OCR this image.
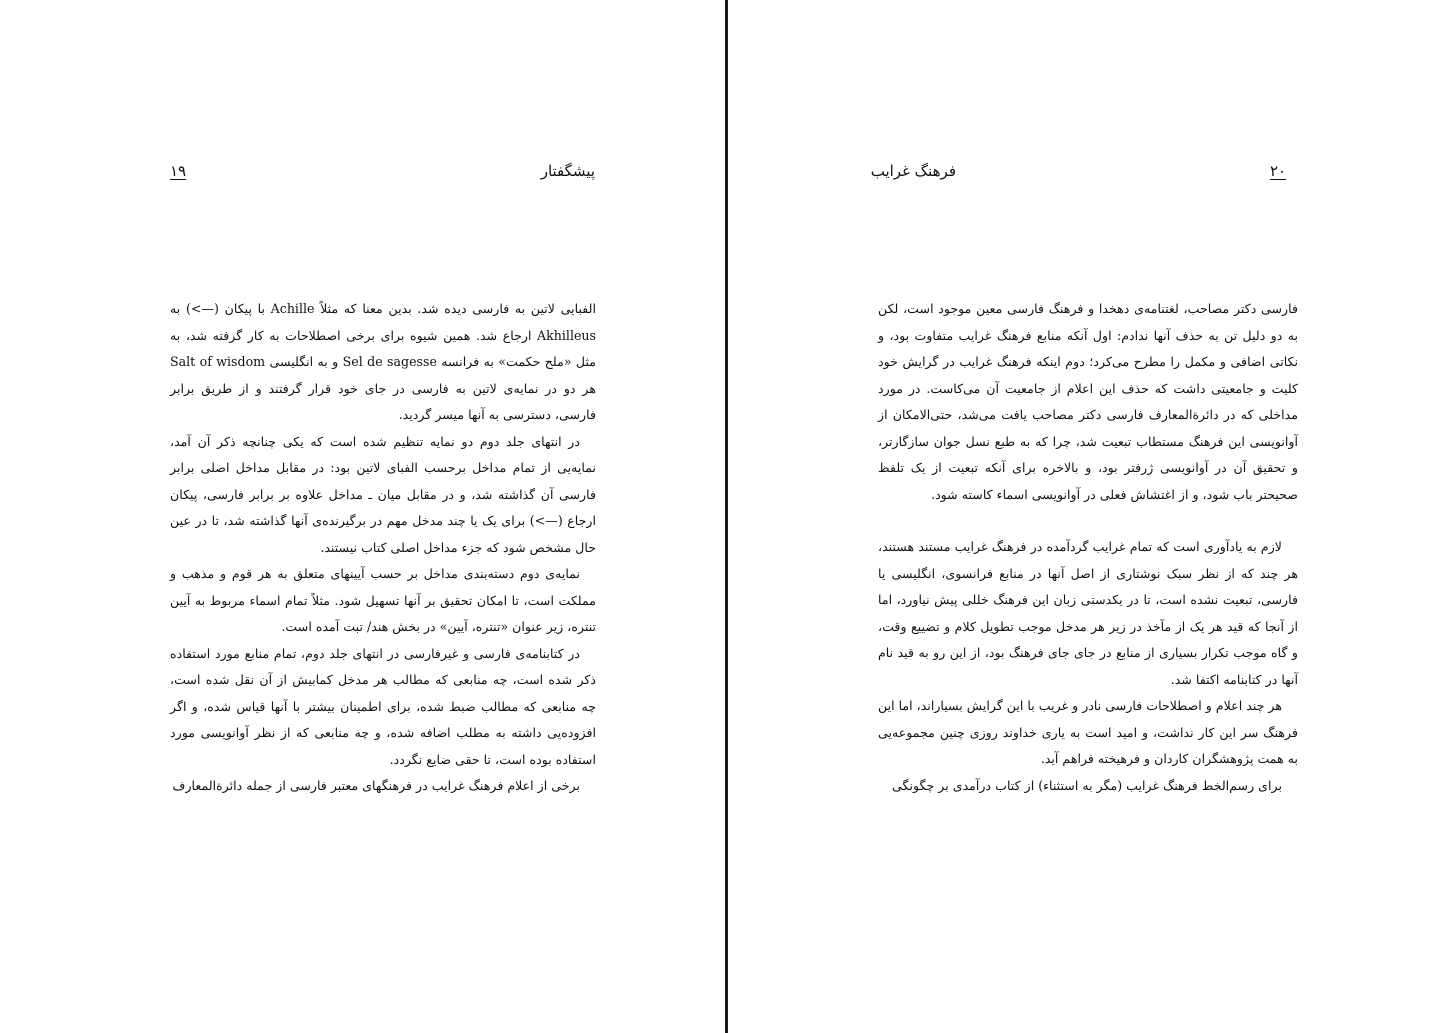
۱۹	پیشگفتار

الفبایی لاتین به فارسی دیده شد. بدین معنا که مثلاً Achille با پیکان (—>) به Akhilleus ارجاع شد. همین شیوه برای برخی اصطلاحات به کار گرفته شد، به مثل «ملح حکمت» به فرانسه Sel de sagesse و به انگلیسی Salt of wisdom هر دو در نمایه‌ی لاتین به فارسی در جای خود قرار گرفتند و از طریق برابر فارسی، دسترسی به آنها میسر گردید.

در انتهای جلد دوم دو نمایه تنظیم شده است که یکی چنانچه ذکر آن آمد، نمایه‌یی از تمام مداخل برحسب الفبای لاتین بود: در مقابل مداخل اصلی برابر فارسی آن گذاشته شد، و در مقابل میان ـ مداخل علاوه بر برابر فارسی، پیکان ارجاع (—>) برای یک یا چند مدخل مهم در برگیرنده‌ی آنها گذاشته شد، تا در عین حال مشخص شود که جزء مداخل اصلی کتاب نیستند.

نمایه‌ی دوم دسته‌بندی مداخل بر حسب آیینهای متعلق به هر قوم و مذهب و مملکت است، تا امکان تحقیق بر آنها تسهیل شود. مثلاً تمام اسماء مربوط به آیین تنتره، زیر عنوان «تنتره، آیین» در بخش هند/ تبت آمده است.

در کتابنامه‌ی فارسی و غیرفارسی در انتهای جلد دوم، تمام منابع مورد استفاده ذکر شده است، چه منابعی که مطالب هر مدخل کمابیش از آن نقل شده است، چه منابعی که مطالب ضبط شده، برای اطمینان بیشتر با آنها قیاس شده، و اگر افزوده‌یی داشته به مطلب اضافه شده، و چه منابعی که از نظر آوانویسی مورد استفاده بوده است، تا حقی ضایع نگردد.

برخی از اعلام فرهنگ غرایب در فرهنگهای معتبر فارسی از جمله دائرةالمعارف

فرهنگ غرایب	۲۰

فارسی دکتر مصاحب، لغتنامه‌ی دهخدا و فرهنگ فارسی معین موجود است، لکن به دو دلیل تن به حذف آنها ندادم: اول آنکه منابع فرهنگ غرایب متفاوت بود، و نکاتی اضافی و مکمل را مطرح می‌کرد؛ دوم اینکه فرهنگ غرایب در گرایش خود کلیت و جامعیتی داشت که حذف این اعلام از جامعیت آن می‌کاست. در مورد مداخلی که در دائرةالمعارف فارسی دکتر مصاحب یافت می‌شد، حتی‌الامکان از آوانویسی این فرهنگ مستطاب تبعیت شد، چرا که به طبع نسل جوان سازگارتر، و تحقیق آن در آوانویسی ژرفتر بود، و بالاخره برای آنکه تبعیت از یک تلفظ صحیحتر باب شود، و از اغتشاش فعلی در آوانویسی اسماء کاسته شود.

لازم به یادآوری است که تمام غرایب گردآمده در فرهنگ غرایب مستند هستند، هر چند که از نظر سبک نوشتاری از اصل آنها در منابع فرانسوی، انگلیسی یا فارسی، تبعیت نشده است، تا در یکدستی زبان این فرهنگ خللی پیش نیاورد، اما از آنجا که قید هر یک از مآخذ در زیر هر مدخل موجب تطویل کلام و تضییع وقت، و گاه موجب تکرار بسیاری از منابع در جای جای فرهنگ بود، از این رو به قید نام آنها در کتابنامه اکتفا شد.

هر چند اعلام و اصطلاحات فارسی نادر و غریب با این گرایش بسیاراند، اما این فرهنگ سر این کار نداشت، و امید است به یاری خداوند روزی چنین مجموعه‌یی به همت پژوهشگران کاردان و فرهیخته فراهم آید.

برای رسم‌الخط فرهنگ غرایب (مگر به استثناء) از کتاب درآمدی بر چگونگی
